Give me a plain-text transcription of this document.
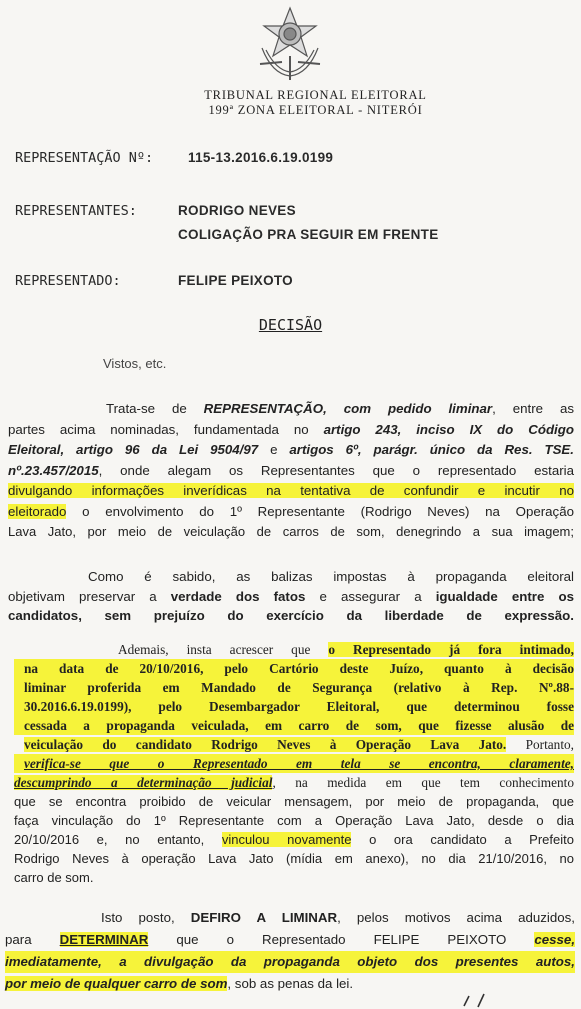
TRIBUNAL REGIONAL ELEITORAL
199ª ZONA ELEITORAL - NITERÓI
REPRESENTAÇÃO Nº:	115-13.2016.6.19.0199
REPRESENTANTES:	RODRIGO NEVES
COLIGAÇÃO PRA SEGUIR EM FRENTE
REPRESENTADO:	FELIPE PEIXOTO
DECISÃO
Vistos, etc.
Trata-se de REPRESENTAÇÃO, com pedido liminar, entre as
partes acima nominadas, fundamentada no artigo 243, inciso IX do Código
Eleitoral, artigo 96 da Lei 9504/97 e artigos 6º, parágr. único da Res. TSE.
nº.23.457/2015, onde alegam os Representantes que o representado estaria
divulgando informações inverídicas na tentativa de confundir e incutir no
eleitorado o envolvimento do 1º Representante (Rodrigo Neves) na Operação
Lava Jato, por meio de veiculação de carros de som, denegrindo a sua imagem;
Como é sabido, as balizas impostas à propaganda eleitoral
objetivam preservar a verdade dos fatos e assegurar a igualdade entre os
candidatos, sem prejuízo do exercício da liberdade de expressão.
Ademais, insta acrescer que o Representado já fora intimado,
na data de 20/10/2016, pelo Cartório deste Juízo, quanto à decisão
liminar proferida em Mandado de Segurança (relativo à Rep. Nº.88-
30.2016.6.19.0199), pelo Desembargador Eleitoral, que determinou fosse
cessada a propaganda veiculada, em carro de som, que fizesse alusão de
veiculação do candidato Rodrigo Neves à Operação Lava Jato. Portanto,
verifica-se que o Representado em tela se encontra, claramente,
descumprindo a determinação judicial, na medida em que tem conhecimento
que se encontra proibido de veicular mensagem, por meio de propaganda, que
faça vinculação do 1º Representante com a Operação Lava Jato, desde o dia
20/10/2016 e, no entanto, vinculou novamente o ora candidato a Prefeito
Rodrigo Neves à operação Lava Jato (mídia em anexo), no dia 21/10/2016, no
carro de som.
Isto posto, DEFIRO A LIMINAR, pelos motivos acima aduzidos,
para DETERMINAR que o Representado FELIPE PEIXOTO cesse,
imediatamente, a divulgação da propaganda objeto dos presentes autos,
por meio de qualquer carro de som, sob as penas da lei.
